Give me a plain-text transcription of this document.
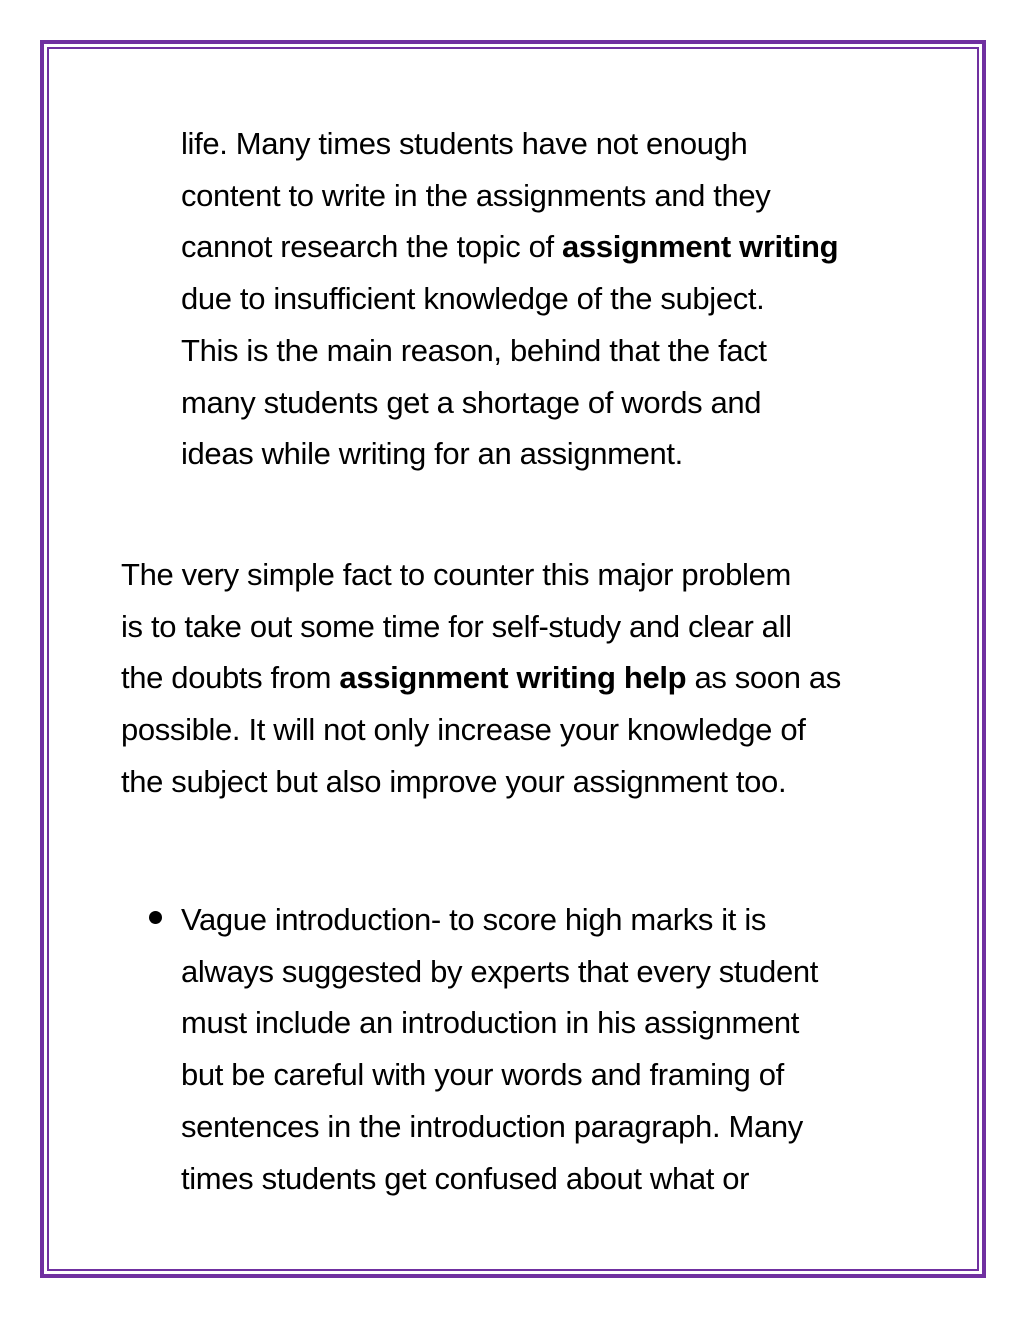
life. Many times students have not enough
content to write in the assignments and they
cannot research the topic of assignment writing
due to insufficient knowledge of the subject.
This is the main reason, behind that the fact
many students get a shortage of words and
ideas while writing for an assignment.
The very simple fact to counter this major problem
is to take out some time for self-study and clear all
the doubts from assignment writing help as soon as
possible. It will not only increase your knowledge of
the subject but also improve your assignment too.
Vague introduction- to score high marks it is
always suggested by experts that every student
must include an introduction in his assignment
but be careful with your words and framing of
sentences in the introduction paragraph. Many
times students get confused about what or
